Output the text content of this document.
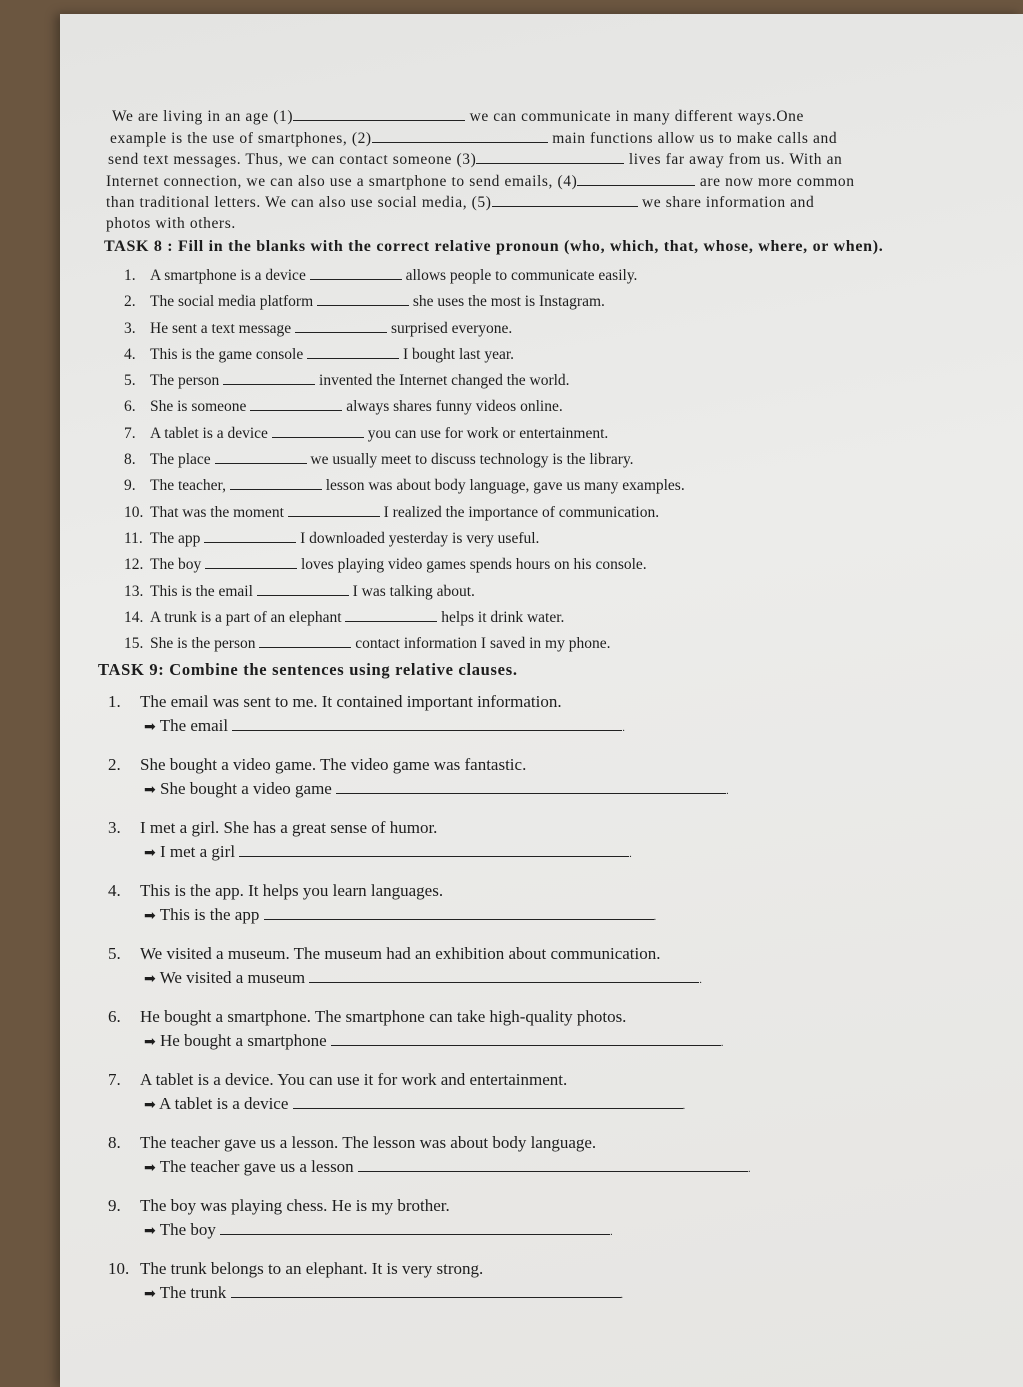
We are living in an age (1)	we can communicate in many different ways.One
example is the use of smartphones, (2)	main functions allow us to make calls and
send text messages. Thus, we can contact someone (3)	lives far away from us. With an
Internet connection, we can also use a smartphone to send emails, (4)	are now more common
than traditional letters. We can also use social media, (5)	we share information and
photos with others.
TASK 8 : Fill in the blanks with the correct relative pronoun (who, which, that, whose, where, or when).
1. A smartphone is a device	allows people to communicate easily.
2. The social media platform	she uses the most is Instagram.
3. He sent a text message	surprised everyone.
4. This is the game console	I bought last year.
5. The person	invented the Internet changed the world.
6. She is someone	always shares funny videos online.
7. A tablet is a device	you can use for work or entertainment.
8. The place	we usually meet to discuss technology is the library.
9. The teacher,	lesson was about body language, gave us many examples.
10. That was the moment	I realized the importance of communication.
11. The app	I downloaded yesterday is very useful.
12. The boy	loves playing video games spends hours on his console.
13. This is the email	I was talking about.
14. A trunk is a part of an elephant	helps it drink water.
15. She is the person	contact information I saved in my phone.
TASK 9: Combine the sentences using relative clauses.
1. The email was sent to me. It contained important information.
➡ The email	.
2. She bought a video game. The video game was fantastic.
➡ She bought a video game	.
3. I met a girl. She has a great sense of humor.
➡ I met a girl	.
4. This is the app. It helps you learn languages.
➡ This is the app	.
5. We visited a museum. The museum had an exhibition about communication.
➡ We visited a museum	.
6. He bought a smartphone. The smartphone can take high-quality photos.
➡ He bought a smartphone	.
7. A tablet is a device. You can use it for work and entertainment.
➡ A tablet is a device	.
8. The teacher gave us a lesson. The lesson was about body language.
➡ The teacher gave us a lesson	.
9. The boy was playing chess. He is my brother.
➡ The boy	.
10. The trunk belongs to an elephant. It is very strong.
➡ The trunk	.
